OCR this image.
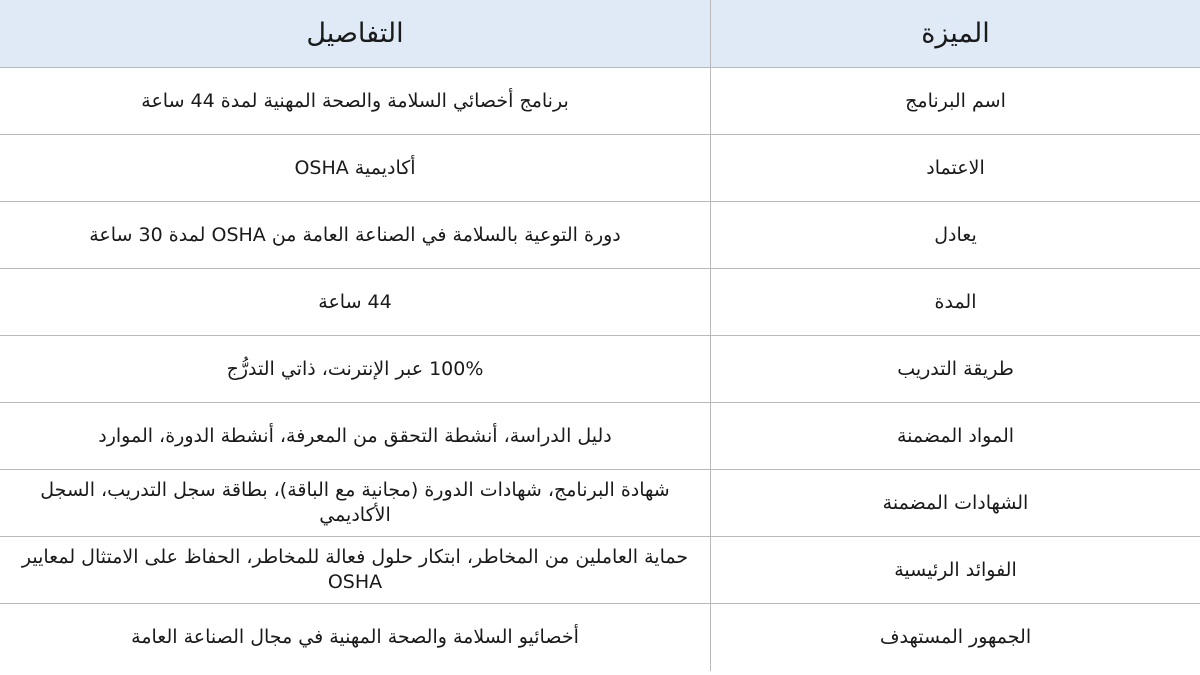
الميزة
التفاصيل
اسم البرنامج
برنامج أخصائي السلامة والصحة المهنية لمدة 44 ساعة
الاعتماد
أكاديمية OSHA
يعادل
دورة التوعية بالسلامة في الصناعة العامة من OSHA لمدة 30 ساعة
المدة
44 ساعة
طريقة التدريب
100% عبر الإنترنت، ذاتي التدرُّج
المواد المضمنة
دليل الدراسة، أنشطة التحقق من المعرفة، أنشطة الدورة، الموارد
الشهادات المضمنة
شهادة البرنامج، شهادات الدورة (مجانية مع الباقة)، بطاقة سجل التدريب، السجل الأكاديمي
الفوائد الرئيسية
حماية العاملين من المخاطر، ابتكار حلول فعالة للمخاطر، الحفاظ على الامتثال لمعايير OSHA
الجمهور المستهدف
أخصائيو السلامة والصحة المهنية في مجال الصناعة العامة
